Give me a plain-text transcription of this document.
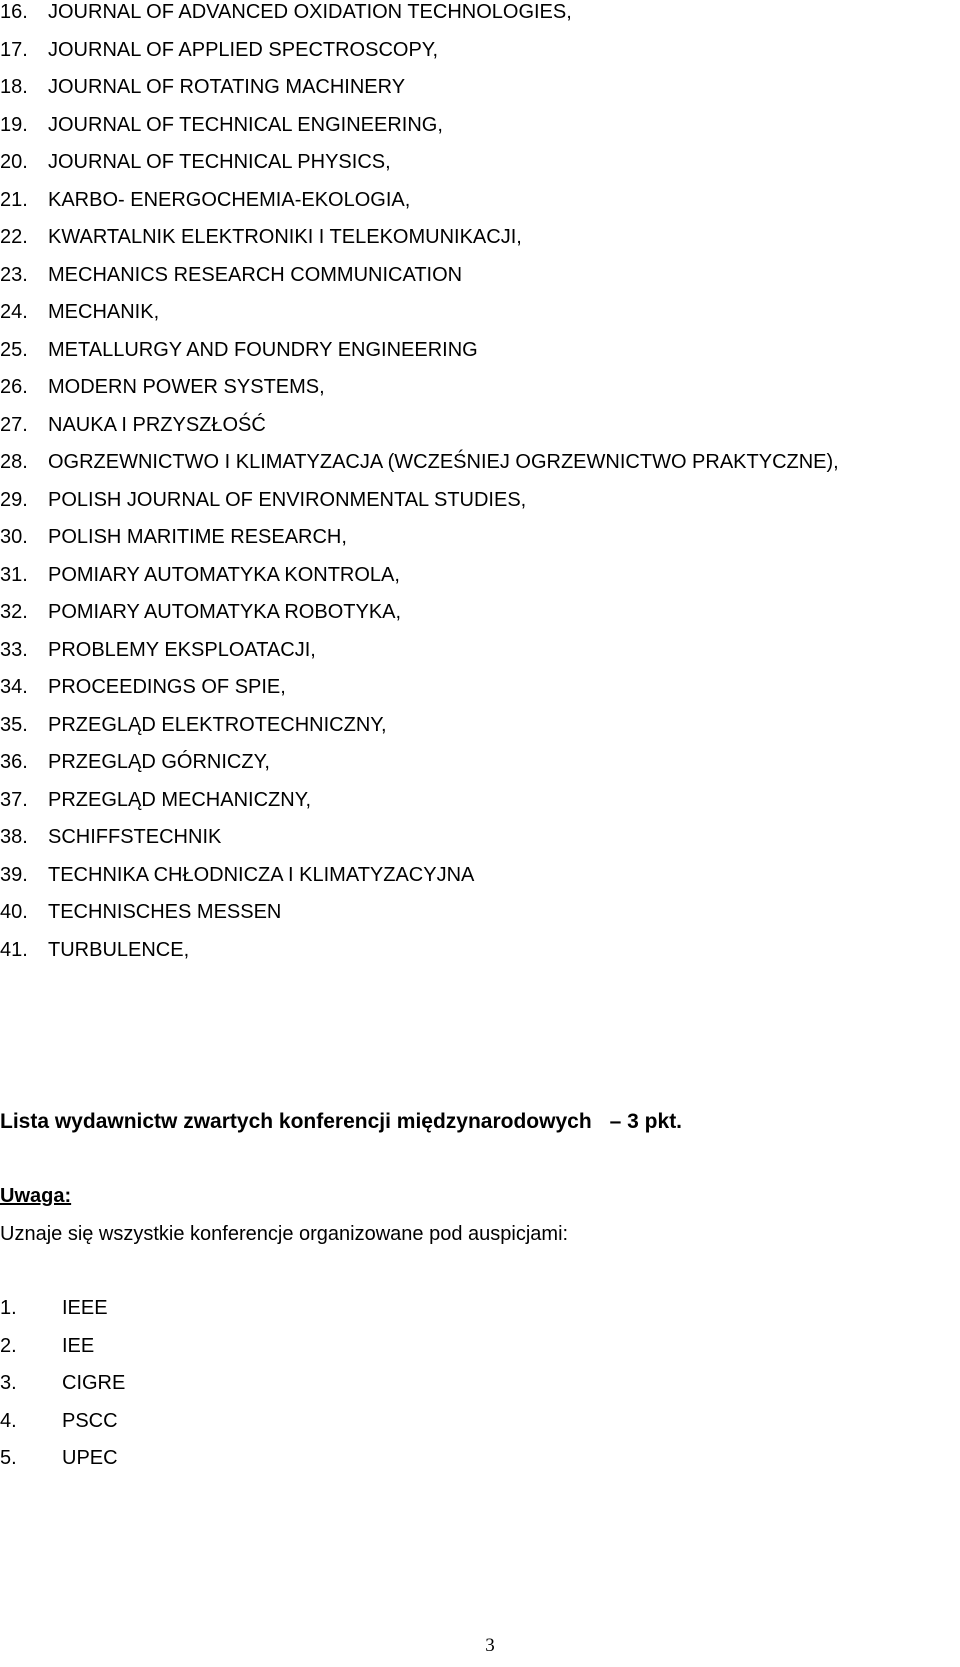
16. JOURNAL OF ADVANCED OXIDATION TECHNOLOGIES,
17. JOURNAL OF APPLIED SPECTROSCOPY,
18. JOURNAL OF ROTATING MACHINERY
19. JOURNAL OF TECHNICAL ENGINEERING,
20. JOURNAL OF TECHNICAL PHYSICS,
21. KARBO- ENERGOCHEMIA-EKOLOGIA,
22. KWARTALNIK ELEKTRONIKI I TELEKOMUNIKACJI,
23. MECHANICS RESEARCH COMMUNICATION
24. MECHANIK,
25. METALLURGY AND FOUNDRY ENGINEERING
26. MODERN POWER SYSTEMS,
27. NAUKA I PRZYSZŁOŚĆ
28. OGRZEWNICTWO I KLIMATYZACJA (WCZEŚNIEJ OGRZEWNICTWO PRAKTYCZNE),
29. POLISH JOURNAL OF ENVIRONMENTAL STUDIES,
30. POLISH MARITIME RESEARCH,
31. POMIARY AUTOMATYKA KONTROLA,
32. POMIARY AUTOMATYKA ROBOTYKA,
33. PROBLEMY EKSPLOATACJI,
34. PROCEEDINGS OF SPIE,
35. PRZEGLĄD ELEKTROTECHNICZNY,
36. PRZEGLĄD GÓRNICZY,
37. PRZEGLĄD MECHANICZNY,
38. SCHIFFSTECHNIK
39. TECHNIKA CHŁODNICZA I KLIMATYZACYJNA
40. TECHNISCHES MESSEN
41. TURBULENCE,
Lista wydawnictw zwartych konferencji międzynarodowych – 3 pkt.
Uwaga:
Uznaje się wszystkie konferencje organizowane pod auspicjami:
1. IEEE
2. IEE
3. CIGRE
4. PSCC
5. UPEC
3
